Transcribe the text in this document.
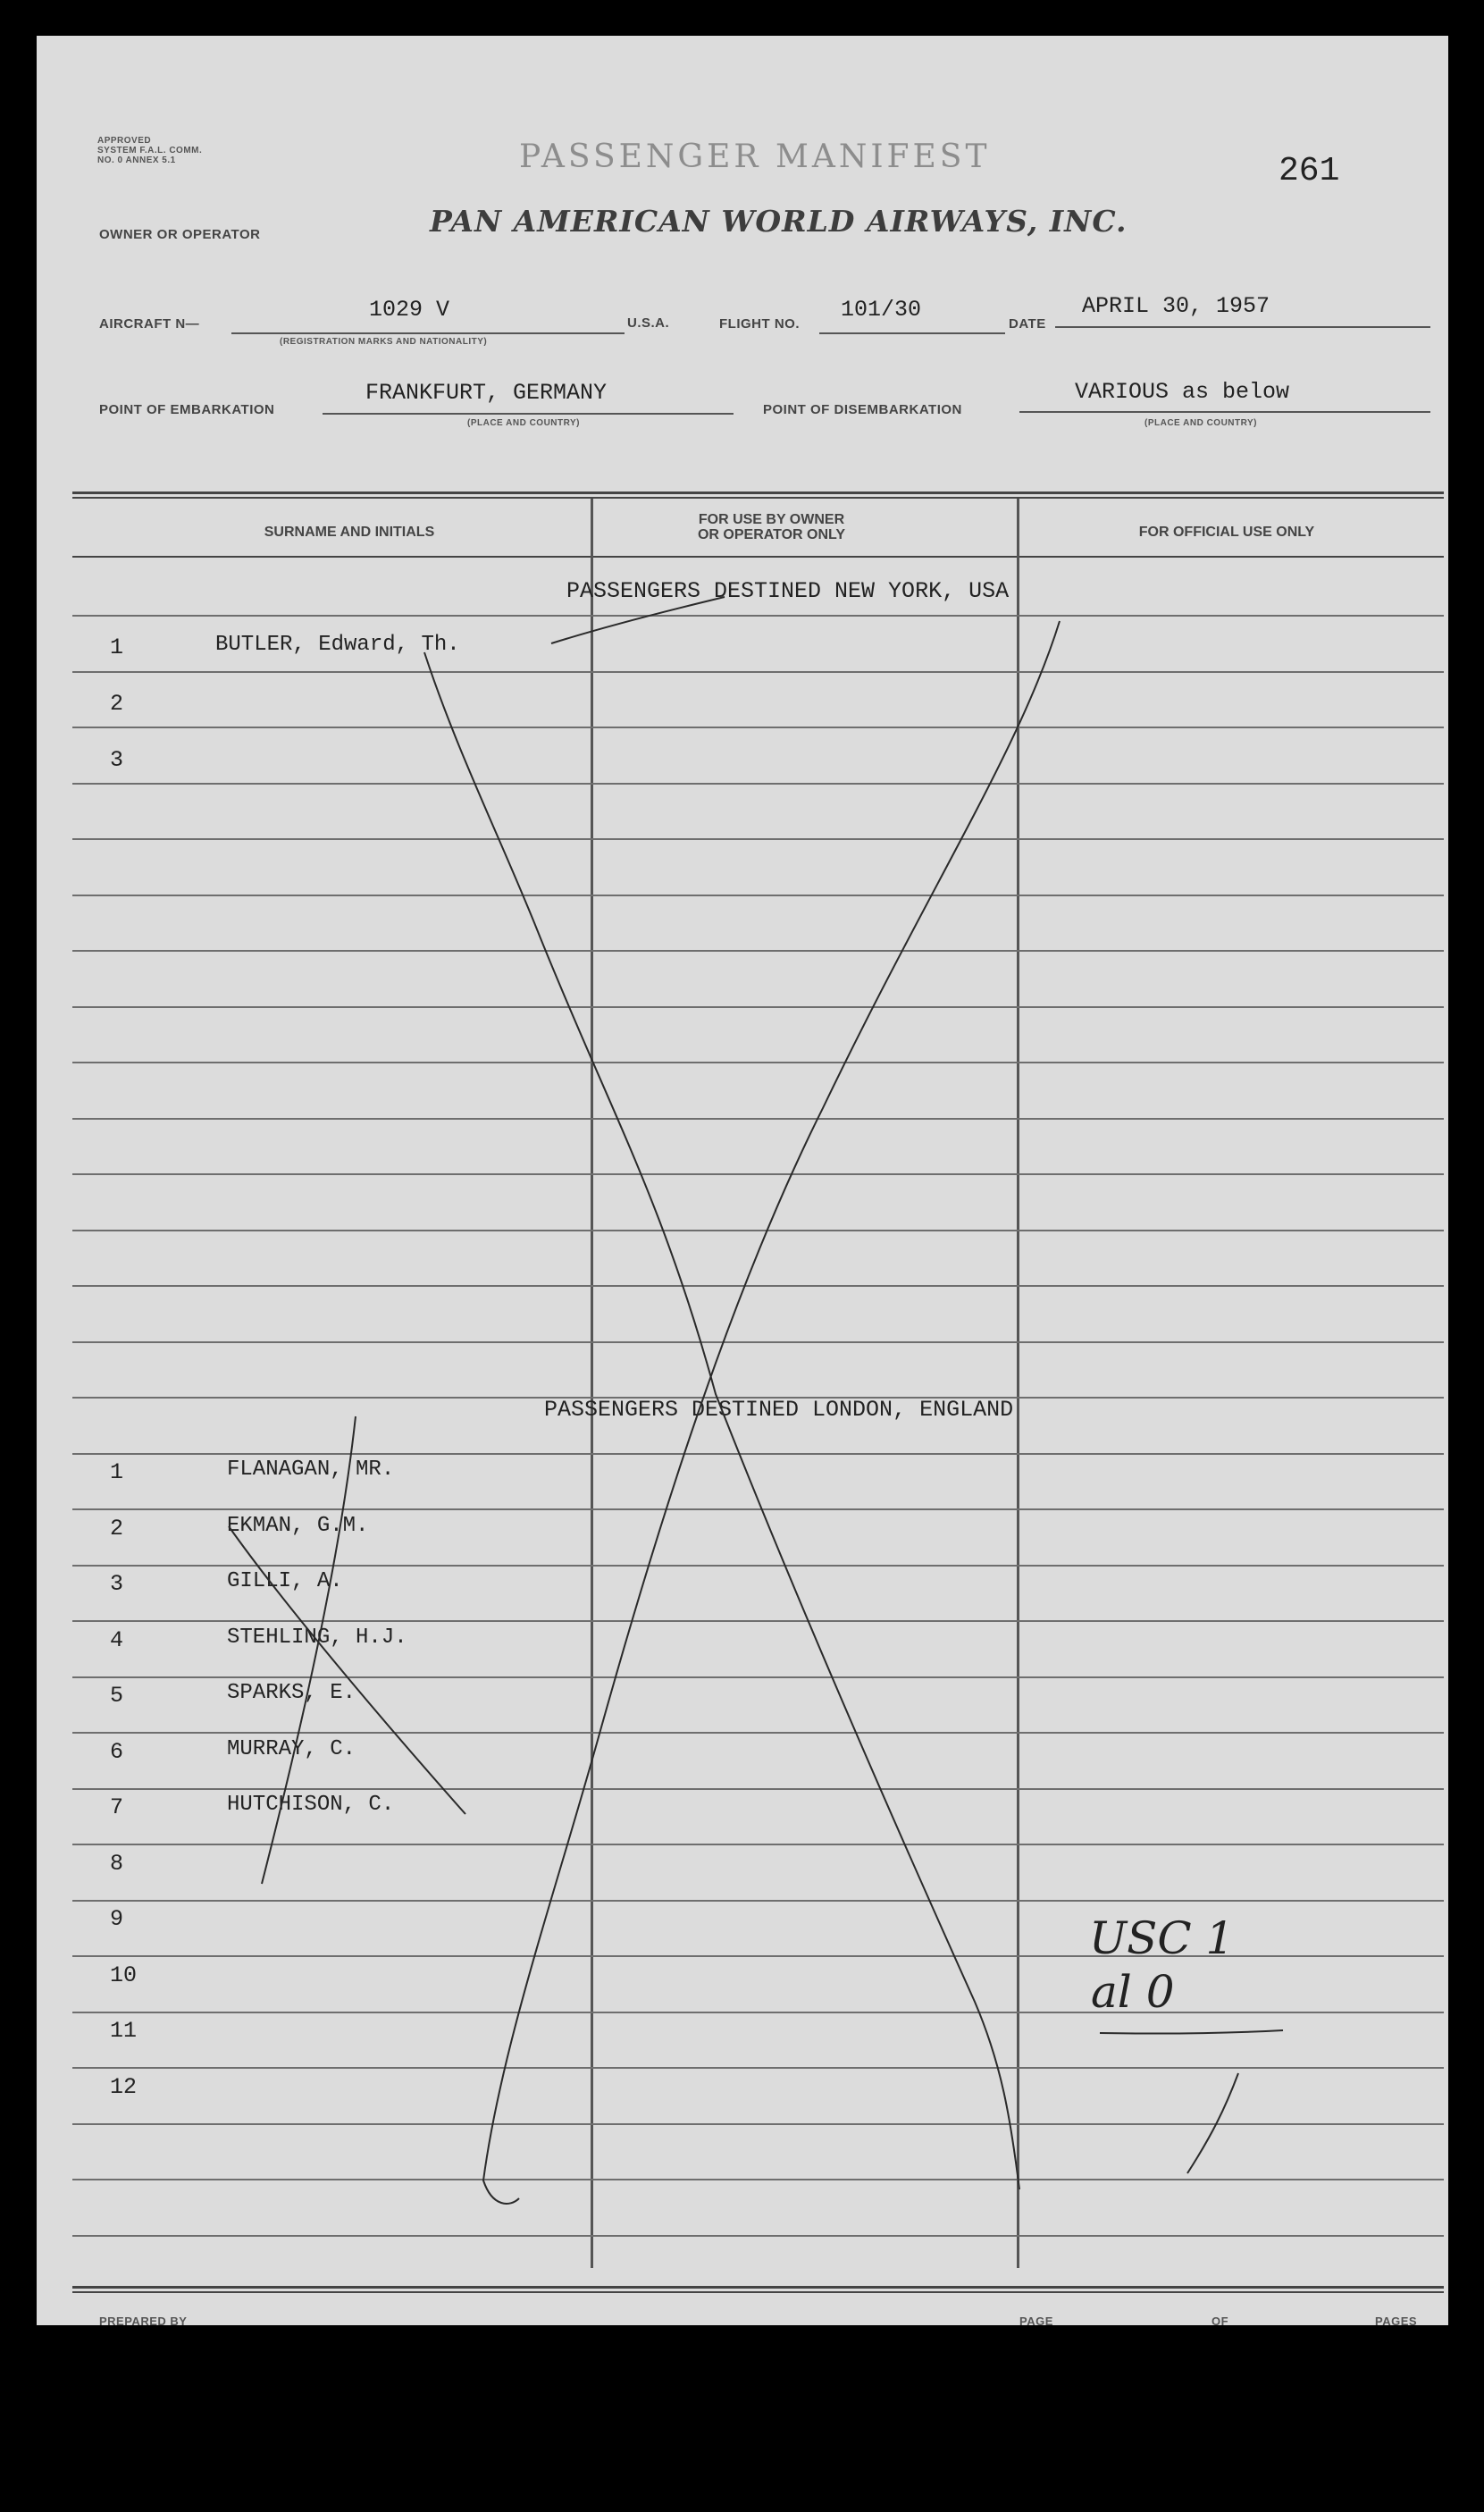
APPROVED
SYSTEM F.A.L. COMM.
NO. 0 ANNEX 5.1	PASSENGER MANIFEST	261
OWNER OR OPERATOR	PAN AMERICAN WORLD AIRWAYS, INC.
AIRCRAFT N—
1029 V
(REGISTRATION MARKS AND NATIONALITY)
U.S.A.	FLIGHT NO.
101/30
DATE
APRIL 30, 1957
POINT OF EMBARKATION
FRANKFURT, GERMANY
(PLACE AND COUNTRY)
POINT OF DISEMBARKATION
VARIOUS as below
(PLACE AND COUNTRY)
SURNAME AND INITIALS
FOR USE BY OWNER
OR OPERATOR ONLY	FOR OFFICIAL USE ONLY
PASSENGERS DESTINED NEW YORK, USA
1	BUTLER, Edward, Th.
2
3
PASSENGERS DESTINED LONDON, ENGLAND
1	FLANAGAN, MR.
2	EKMAN, G.M.
3	GILLI, A.
4	STEHLING, H.J.
5	SPARKS, E.
6	MURRAY, C.
7	HUTCHISON, C.
8
9
10
11
12
USC 1
al 0
PREPARED BY	PAGE	OF	PAGES
